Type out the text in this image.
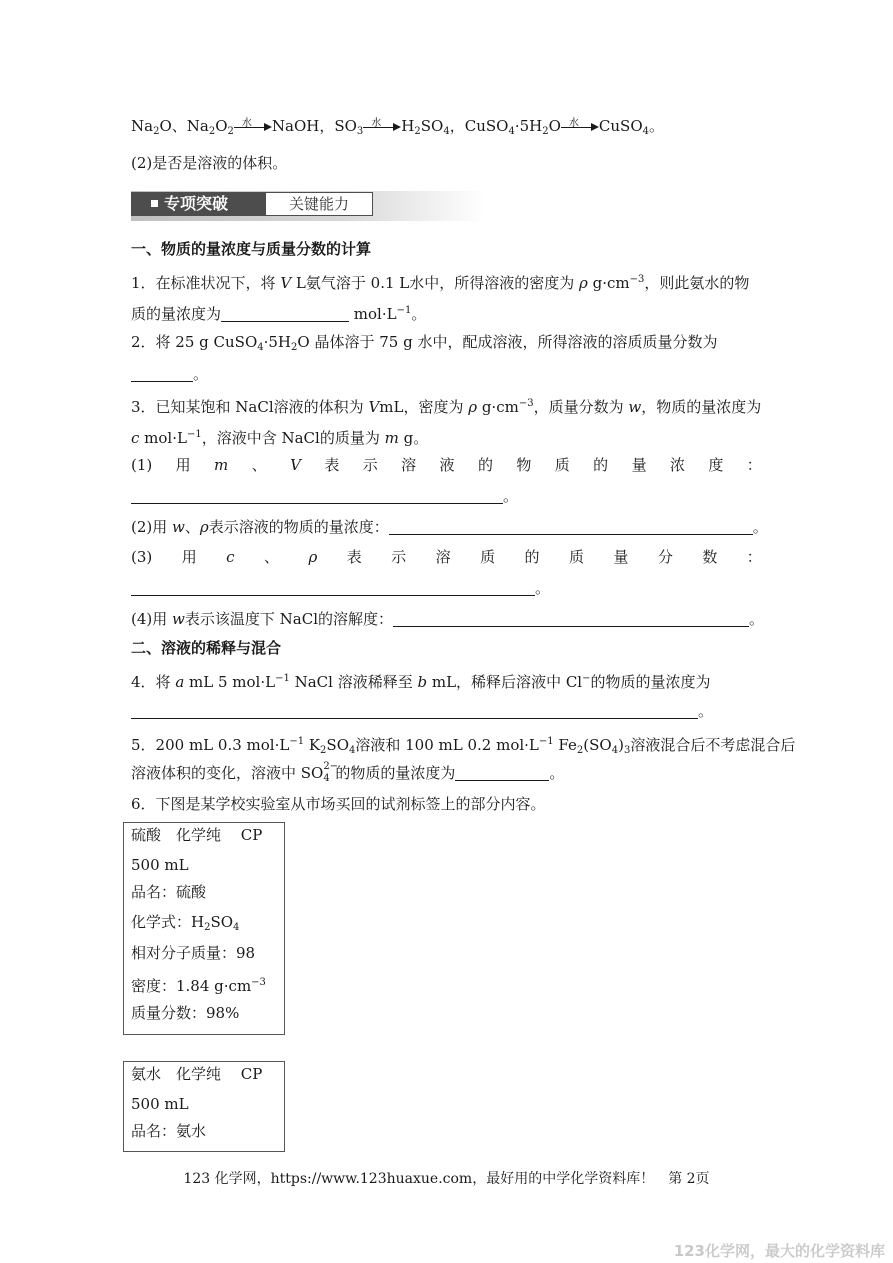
$Na_2O$、$Na_2O_2$
水 NaOH，$SO_3$
水 $H_2SO_4$，$CuSO_4\cdot 5H_2O$ 水 CuSO$_4$。
(2)是否是溶液的体积。
专项突破	关键能力
一、物质的量浓度与质量分数的计算
1．在标准状况下，将 V L氨气溶于 0.1 L水中，所得溶液的密度为 ρ $g\cdot cm^{-3}$，则此氨水的物
质的量浓度为	$mol\cdot L^{-1}$。
2．将 25 g $CuSO_4\cdot 5H_2O$ 晶体溶于 75 g 水中，配成溶液，所得溶液的溶质质量分数为
。
3．已知某饱和 NaCl溶液的体积为 VmL，密度为 ρ $g\cdot cm^{-3}$，质量分数为 w，物质的量浓度为
c $mol\cdot L^{-1}$，溶液中含 NaCl的质量为 m g。
(1) 用 m 、 V 表 示 溶 液 的 物 质 的 量 浓 度 ：
。
(2)用 w、ρ表示溶液的物质的量浓度：	。
(3) 用 c 、 ρ 表 示 溶 质 的 质 量 分 数 ：
。
(4)用 w表示该温度下 NaCl的溶解度：	。
二、溶液的稀释与混合
4．将 a mL 5 $mol\cdot L^{-1}$ NaCl 溶液稀释至 b mL，稀释后溶液中 Cl−的物质的量浓度为
。
5．200 mL 0.3 $mol\cdot L^{-1}$ $K_2SO_4$溶液和 100 mL 0.2 $mol\cdot L^{-1}$ $Fe_2(SO_4)_3$溶液混合后不考虑混合后
溶液体积的变化，溶液中 SO 2−
4 的物质的量浓度为	。
6．下图是某学校实验室从市场买回的试剂标签上的部分内容。
硫酸　化学纯　 CP
500 mL
品名：硫酸
化学式：$H_2SO_4$
相对分子质量：98
密度：1.84 $g\cdot cm^{-3}$
质量分数：98%
氨水　化学纯　 CP
500 mL
品名：氨水
123 化学网，https://www.123huaxue.com，最好用的中学化学资料库！　第 2页
123化学网，最大的化学资料库
